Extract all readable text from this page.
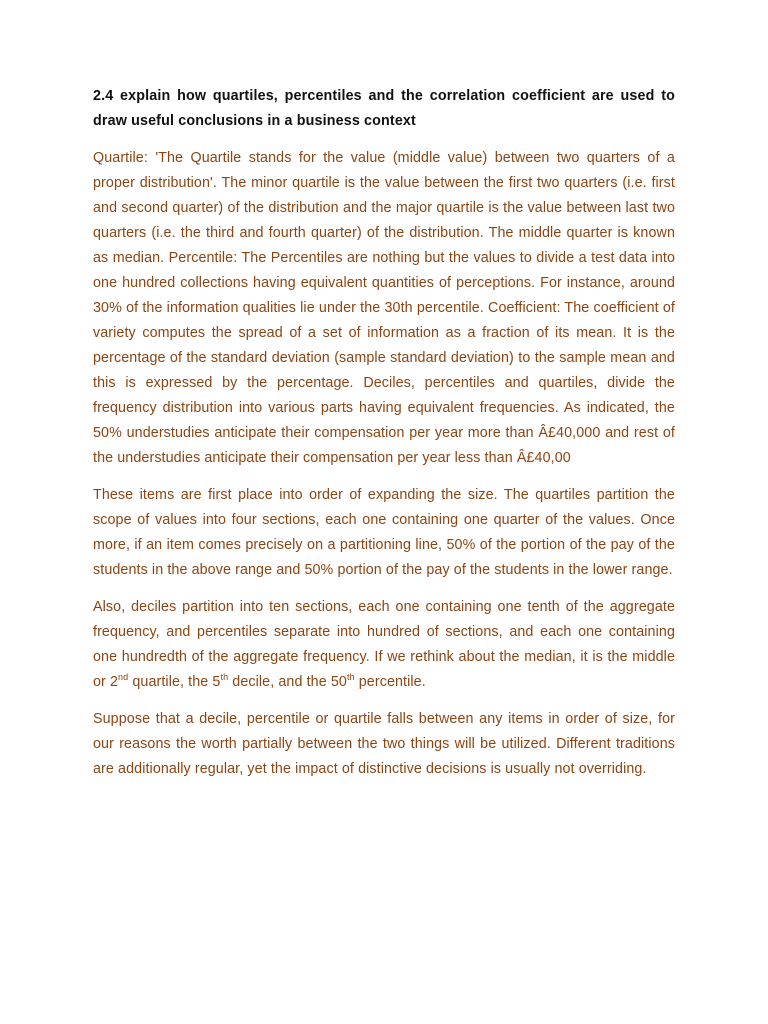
2.4 explain how quartiles, percentiles and the correlation coefficient are used to draw useful conclusions in a business context

Quartile: 'The Quartile stands for the value (middle value) between two quarters of a proper distribution'. The minor quartile is the value between the first two quarters (i.e. first and second quarter) of the distribution and the major quartile is the value between last two quarters (i.e. the third and fourth quarter) of the distribution. The middle quarter is known as median. Percentile: The Percentiles are nothing but the values to divide a test data into one hundred collections having equivalent quantities of perceptions. For instance, around 30% of the information qualities lie under the 30th percentile. Coefficient: The coefficient of variety computes the spread of a set of information as a fraction of its mean. It is the percentage of the standard deviation (sample standard deviation) to the sample mean and this is expressed by the percentage. Deciles, percentiles and quartiles, divide the frequency distribution into various parts having equivalent frequencies. As indicated, the 50% understudies anticipate their compensation per year more than Â£40,000 and rest of the understudies anticipate their compensation per year less than Â£40,00

These items are first place into order of expanding the size. The quartiles partition the scope of values into four sections, each one containing one quarter of the values. Once more, if an item comes precisely on a partitioning line, 50% of the portion of the pay of the students in the above range and 50% portion of the pay of the students in the lower range.

Also, deciles partition into ten sections, each one containing one tenth of the aggregate frequency, and percentiles separate into hundred of sections, and each one containing one hundredth of the aggregate frequency. If we rethink about the median, it is the middle or 2nd quartile, the 5th decile, and the 50th percentile.

Suppose that a decile, percentile or quartile falls between any items in order of size, for our reasons the worth partially between the two things will be utilized. Different traditions are additionally regular, yet the impact of distinctive decisions is usually not overriding.
